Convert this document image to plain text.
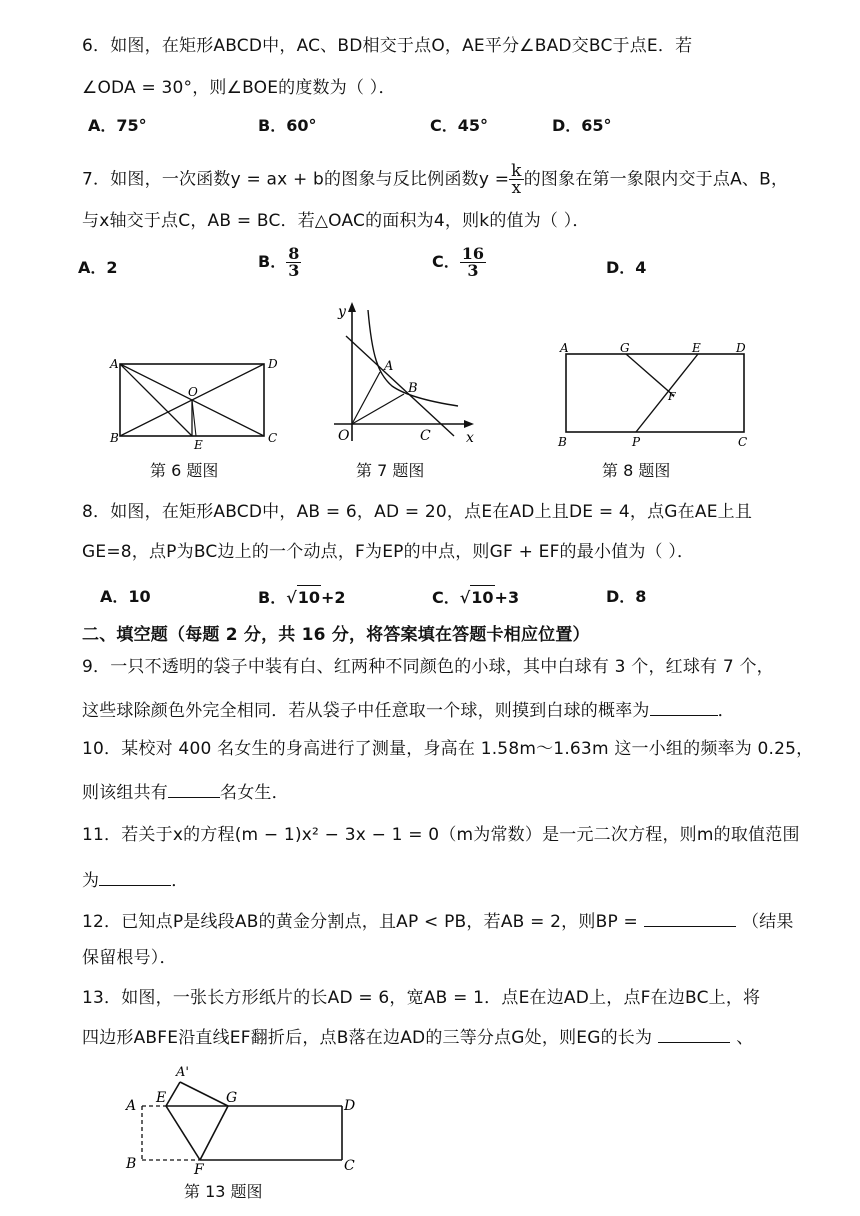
6．如图，在矩形ABCD中，AC、BD相交于点O，AE平分∠BAD交BC于点E．若
∠ODA = 30°，则∠BOE的度数为（ ）．
A．75°	B．60°	C．45°	D．65°
7．如图，一次函数y = ax + b的图象与反比例函数$y = \frac{k}{x}$ 的图象在第一象限内交于点A、B，
与x轴交于点C，AB = BC．若△OAC的面积为4，则k的值为（ ）．
A．2	B． $\frac{8}{3}$	C． $\frac{16}{3}$	D．4
A
B	C
D
O
E
第 6 题图
y
x
O
A
B
C
第 7 题图
A	G	E	D
F
B	P	C
第 8 题图
8．如图，在矩形ABCD中，AB = 6，AD = 20，点E在AD上且DE = 4，点G在AE上且
GE=8，点P为BC边上的一个动点，F为EP的中点，则GF + EF的最小值为（ ）．
A．10	B．√10+2	C．√10+3	D．8
二、填空题（每题 2 分，共 16 分，将答案填在答题卡相应位置）
9．一只不透明的袋子中装有白、红两种不同颜色的小球，其中白球有 3 个，红球有 7 个，
这些球除颜色外完全相同．若从袋子中任意取一个球，则摸到白球的概率为	．
10．某校对 400 名女生的身高进行了测量，身高在 1.58m～1.63m 这一小组的频率为 0.25，
则该组共有	名女生．
11．若关于x的方程(m − 1)x² − 3x − 1 = 0（m为常数）是一元二次方程，则m的取值范围
为	．
12．已知点P是线段AB的黄金分割点，且AP < PB，若AB = 2，则BP =	（结果
保留根号）．
13．如图，一张长方形纸片的长AD = 6，宽AB = 1．点E在边AD上，点F在边BC上，将
四边形ABFE沿直线EF翻折后，点B落在边AD的三等分点G处，则EG的长为	、
A'
A E	G	D
B	F	C
第 13 题图
